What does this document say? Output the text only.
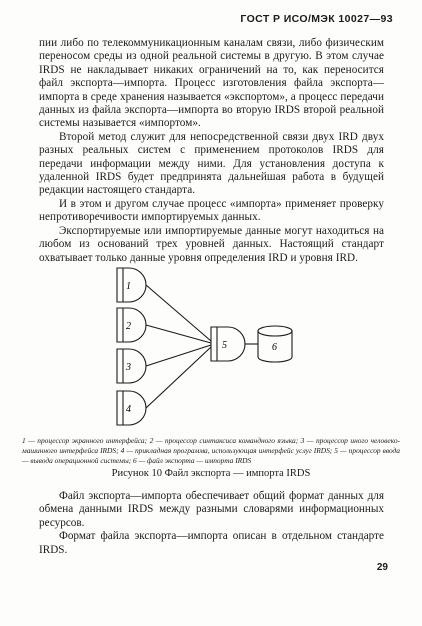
ГОСТ Р ИСО/МЭК 10027—93

пии либо по телекоммуникационным каналам связи, либо физическим переносом среды из одной реальной системы в другую. В этом случае IRDS не накладывает никаких ограничений на то, как переносится файл экспорта—импорта. Процесс изготовления файла экспорта—импорта в среде хранения называется «экспортом», а процесс передачи данных из файла экспорта—импорта во вторую IRDS второй реальной системы называется «импортом».

Второй метод служит для непосредственной связи двух IRD двух разных реальных систем с применением протоколов IRDS для передачи информации между ними. Для установления доступа к удаленной IRDS будет предпринята дальнейшая работа в будущей редакции настоящего стандарта.

И в этом и другом случае процесс «импорта» применяет проверку непротиворечивости импортируемых данных.

Экспортируемые или импортируемые данные могут находиться на любом из оснований трех уровней данных. Настоящий стандарт охватывает только данные уровня определения IRD и уровня IRD.

1
2
3
4
5	6
1 — процессор экранного интерфейса; 2 — процессор синтаксиса командного языка; 3 — процессор иного человеко-машинного интерфейса IRDS; 4 — прикладная программа, использующая интерфейс услуг IRDS; 5 — процессор ввода — вывода операционной системы; 6 — файл экспорта — импорта IRDS
Рисунок 10 Файл экспорта — импорта IRDS

Файл экспорта—импорта обеспечивает общий формат данных для обмена данными IRDS между разными словарями информационных ресурсов.

Формат файла экспорта—импорта описан в отдельном стандарте IRDS.

29
